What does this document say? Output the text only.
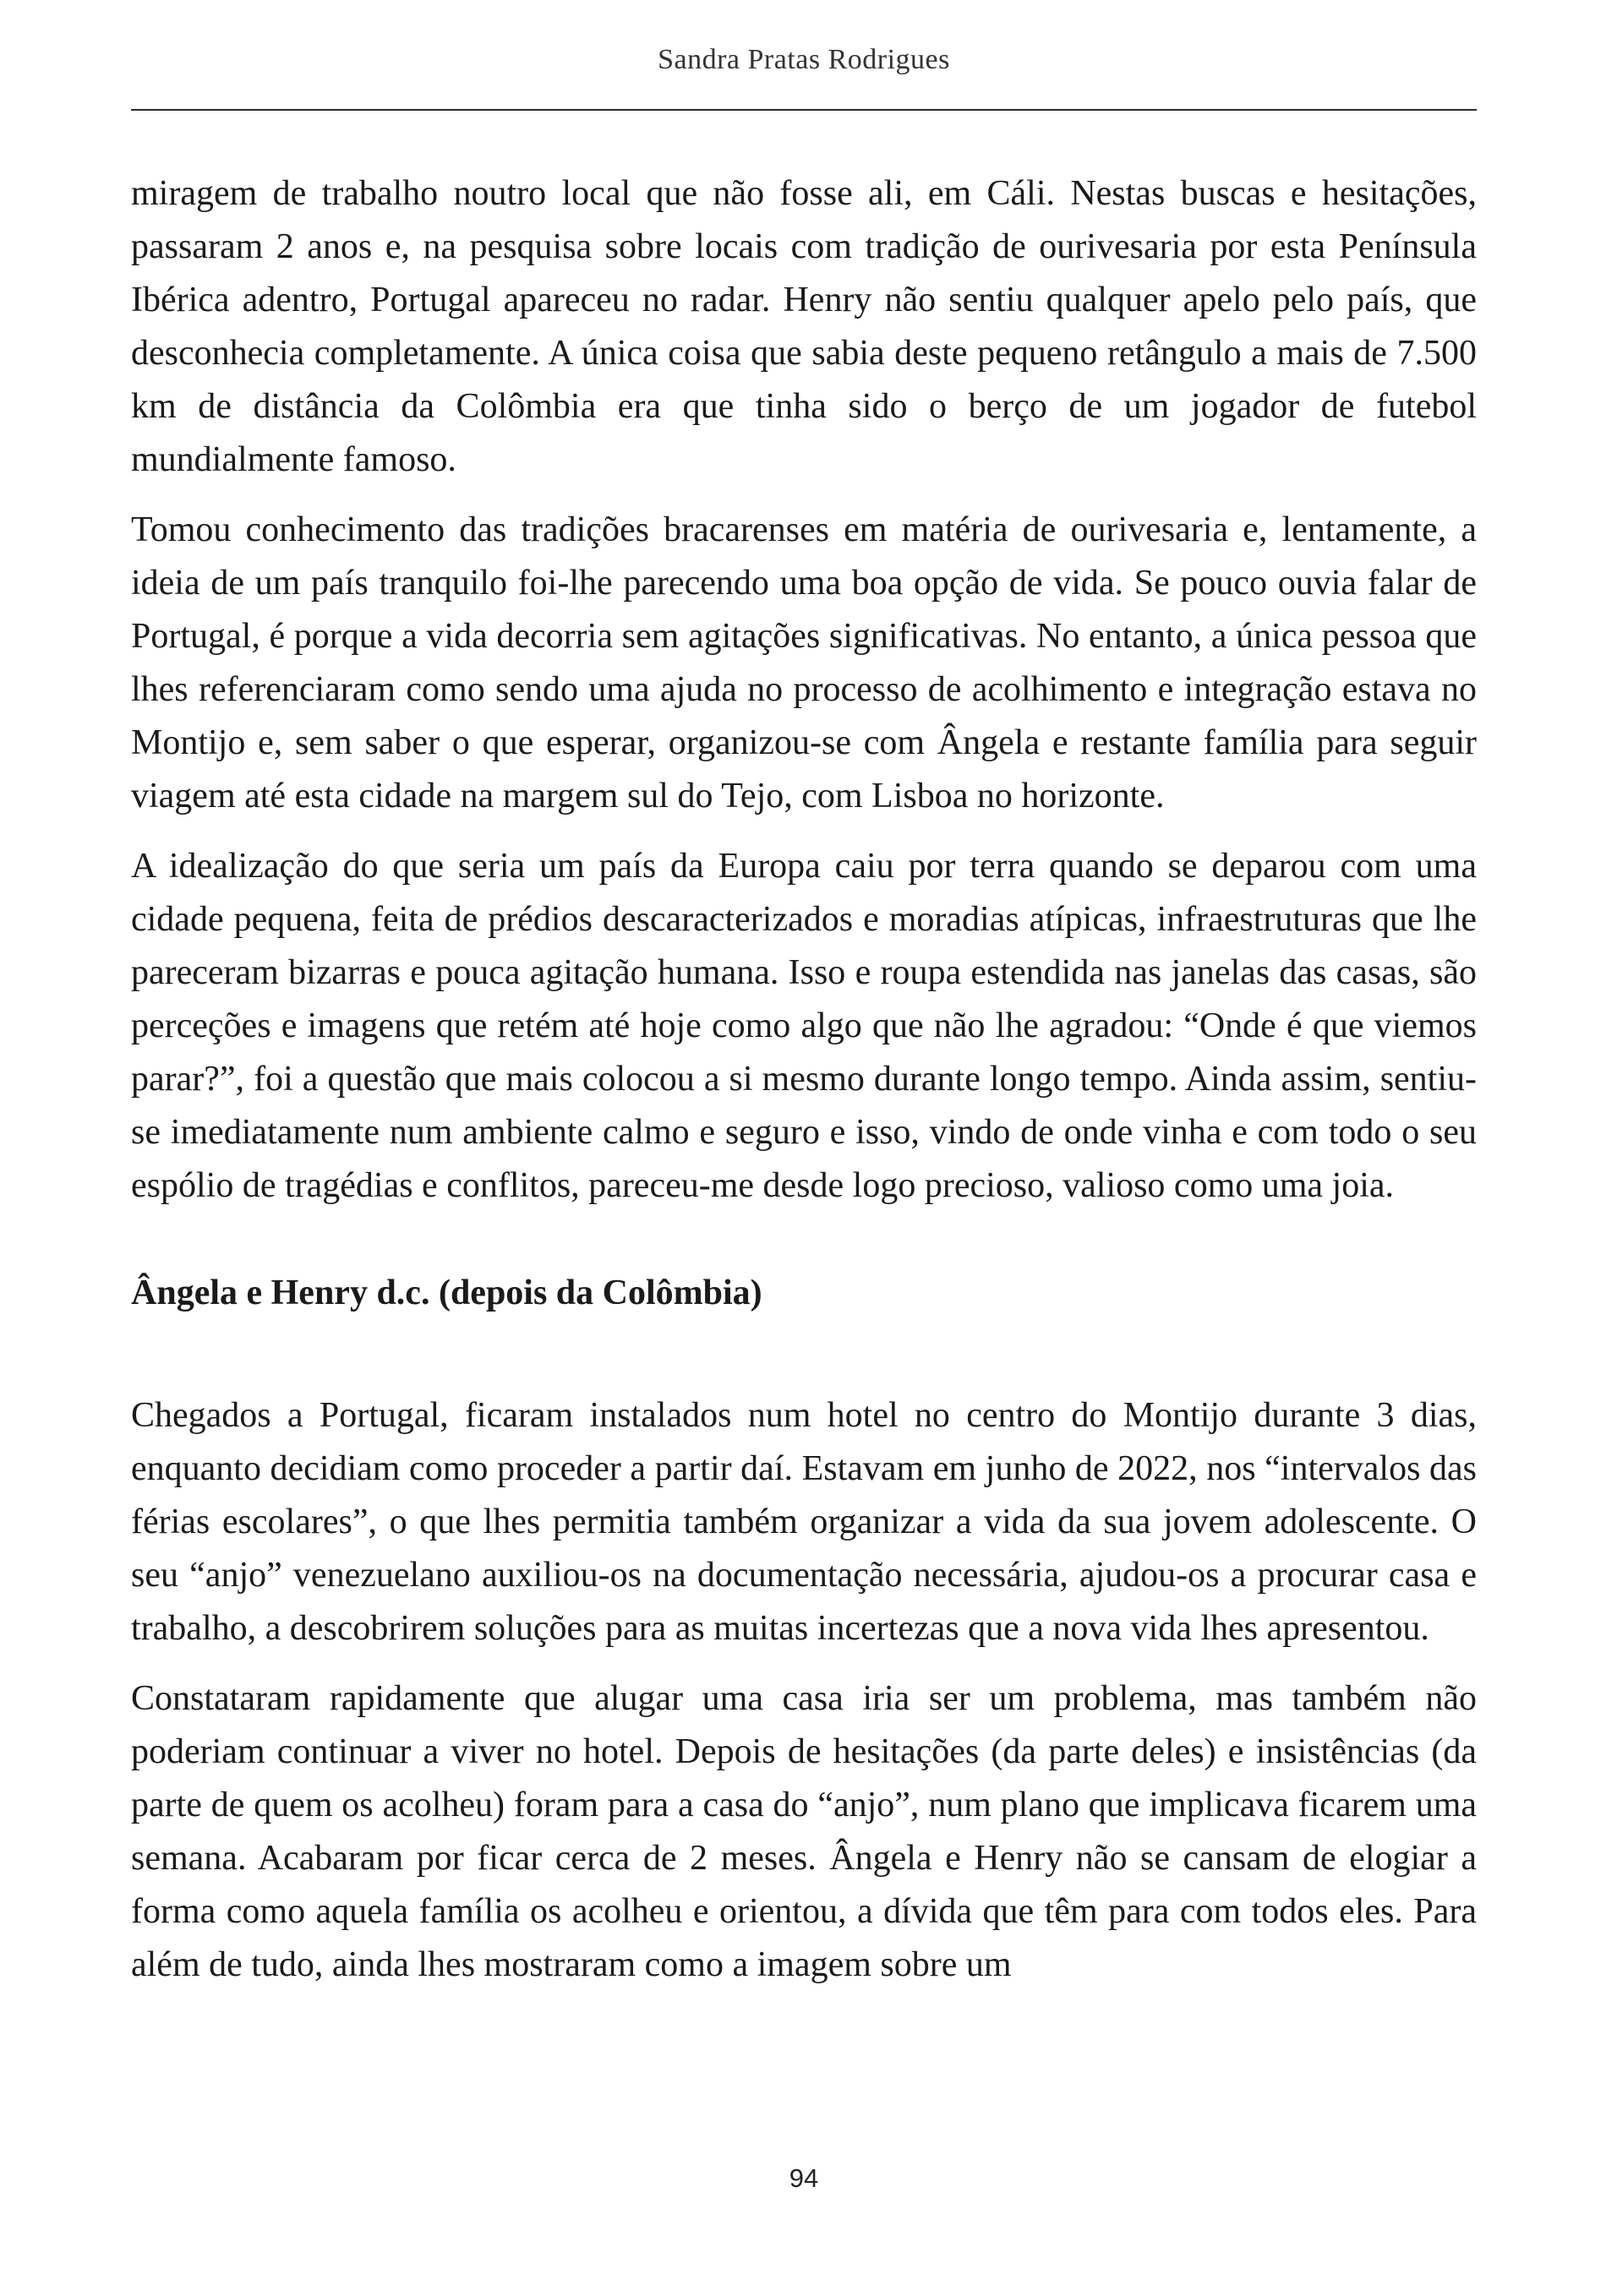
Sandra Pratas Rodrigues

miragem de trabalho noutro local que não fosse ali, em Cáli. Nestas buscas e hesitações, passaram 2 anos e, na pesquisa sobre locais com tradição de ourivesaria por esta Península Ibérica adentro, Portugal apareceu no radar. Henry não sentiu qualquer apelo pelo país, que desconhecia completamente. A única coisa que sabia deste pequeno retângulo a mais de 7.500 km de distância da Colômbia era que tinha sido o berço de um jogador de futebol mundialmente famoso.

Tomou conhecimento das tradições bracarenses em matéria de ourivesaria e, lentamente, a ideia de um país tranquilo foi-lhe parecendo uma boa opção de vida. Se pouco ouvia falar de Portugal, é porque a vida decorria sem agitações significativas. No entanto, a única pessoa que lhes referenciaram como sendo uma ajuda no processo de acolhimento e integração estava no Montijo e, sem saber o que esperar, organizou-se com Ângela e restante família para seguir viagem até esta cidade na margem sul do Tejo, com Lisboa no horizonte.

A idealização do que seria um país da Europa caiu por terra quando se deparou com uma cidade pequena, feita de prédios descaracterizados e moradias atípicas, infraestruturas que lhe pareceram bizarras e pouca agitação humana. Isso e roupa estendida nas janelas das casas, são perceções e imagens que retém até hoje como algo que não lhe agradou: “Onde é que viemos parar?”, foi a questão que mais colocou a si mesmo durante longo tempo. Ainda assim, sentiu-se imediatamente num ambiente calmo e seguro e isso, vindo de onde vinha e com todo o seu espólio de tragédias e conflitos, pareceu-me desde logo precioso, valioso como uma joia.

Ângela e Henry d.c. (depois da Colômbia)

Chegados a Portugal, ficaram instalados num hotel no centro do Montijo durante 3 dias, enquanto decidiam como proceder a partir daí. Estavam em junho de 2022, nos “intervalos das férias escolares”, o que lhes permitia também organizar a vida da sua jovem adolescente. O seu “anjo” venezuelano auxiliou-os na documentação necessária, ajudou-os a procurar casa e trabalho, a descobrirem soluções para as muitas incertezas que a nova vida lhes apresentou.

Constataram rapidamente que alugar uma casa iria ser um problema, mas também não poderiam continuar a viver no hotel. Depois de hesitações (da parte deles) e insistências (da parte de quem os acolheu) foram para a casa do “anjo”, num plano que implicava ficarem uma semana. Acabaram por ficar cerca de 2 meses. Ângela e Henry não se cansam de elogiar a forma como aquela família os acolheu e orientou, a dívida que têm para com todos eles. Para além de tudo, ainda lhes mostraram como a imagem sobre um

94
